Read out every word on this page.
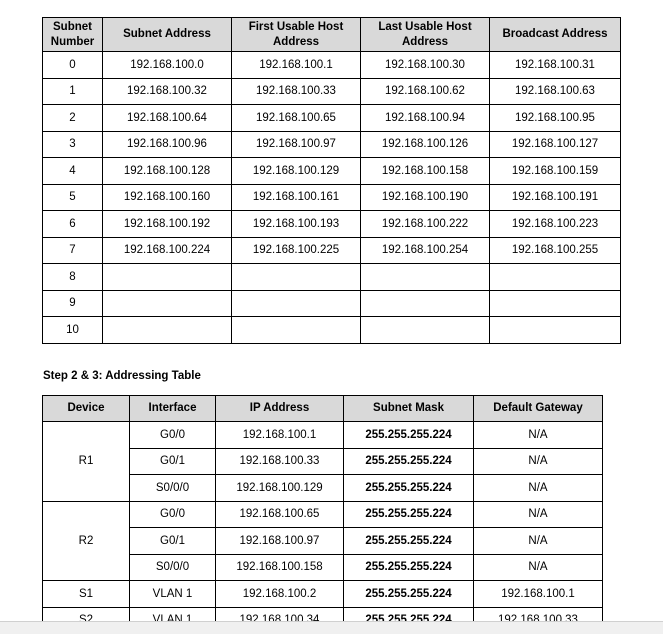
Subnet Number	Subnet Address	First Usable Host Address	Last Usable Host Address	Broadcast Address
0	192.168.100.0	192.168.100.1	192.168.100.30	192.168.100.31
1	192.168.100.32	192.168.100.33	192.168.100.62	192.168.100.63
2	192.168.100.64	192.168.100.65	192.168.100.94	192.168.100.95
3	192.168.100.96	192.168.100.97	192.168.100.126	192.168.100.127
4	192.168.100.128	192.168.100.129	192.168.100.158	192.168.100.159
5	192.168.100.160	192.168.100.161	192.168.100.190	192.168.100.191
6	192.168.100.192	192.168.100.193	192.168.100.222	192.168.100.223
7	192.168.100.224	192.168.100.225	192.168.100.254	192.168.100.255
8				
9				
10				
Step 2 & 3: Addressing Table
Device	Interface	IP Address	Subnet Mask	Default Gateway
R1	G0/0	192.168.100.1	255.255.255.224	N/A
	G0/1	192.168.100.33	255.255.255.224	N/A
	S0/0/0	192.168.100.129	255.255.255.224	N/A
R2	G0/0	192.168.100.65	255.255.255.224	N/A
	G0/1	192.168.100.97	255.255.255.224	N/A
	S0/0/0	192.168.100.158	255.255.255.224	N/A
S1	VLAN 1	192.168.100.2	255.255.255.224	192.168.100.1
